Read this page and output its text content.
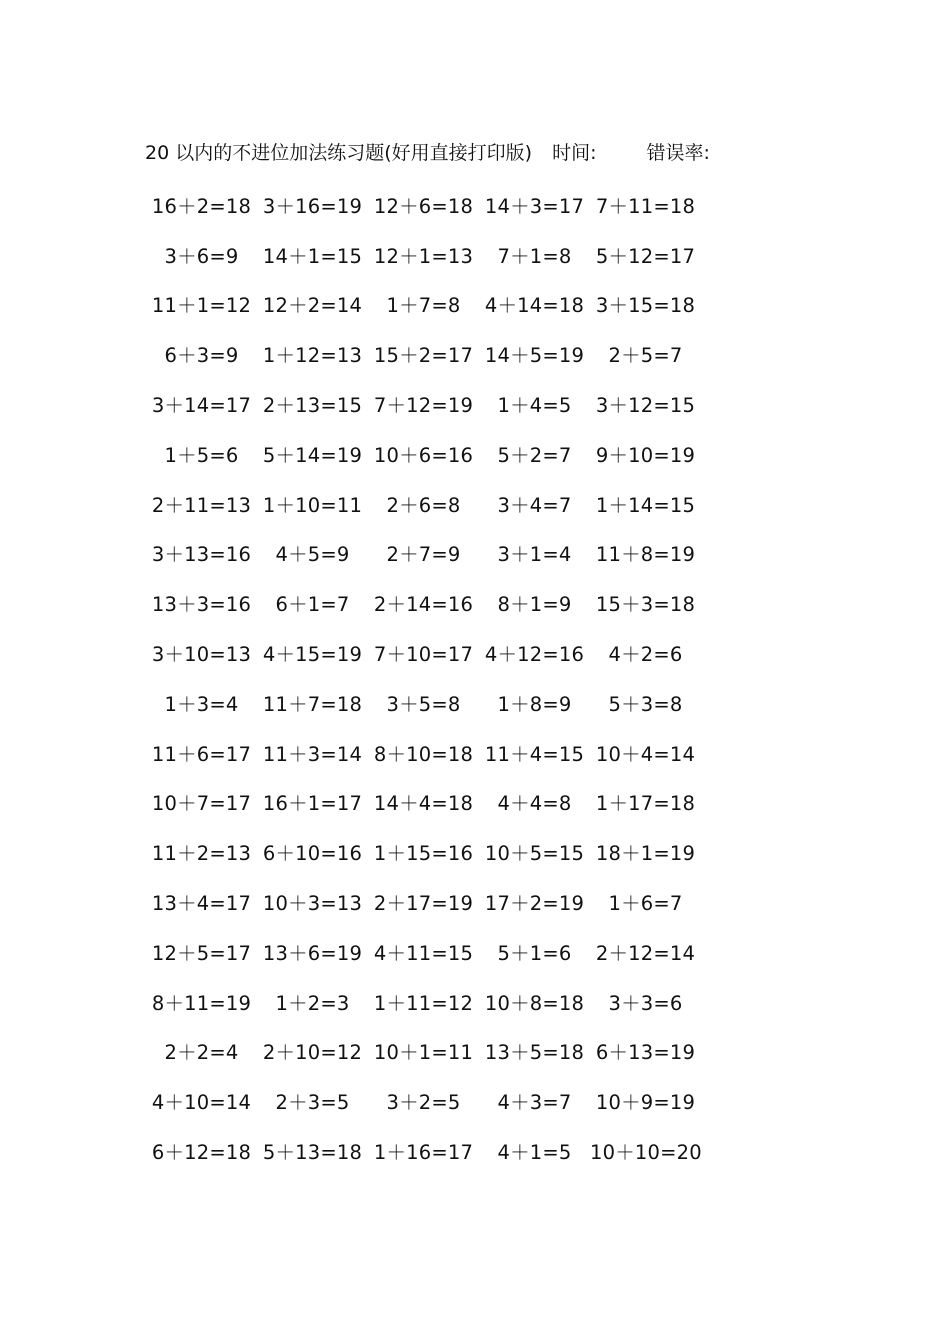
20 以内的不进位加法练习题(好用直接打印版) 时间:	错误率:
16＋2=18 3＋16=19 12＋6=18 14＋3=17 7＋11=18
3＋6=9	14＋1=15 12＋1=13	7＋1=8	5＋12=17
11＋1=12 12＋2=14	1＋7=8	4＋14=18 3＋15=18
6＋3=9	1＋12=13 15＋2=17 14＋5=19	2＋5=7
3＋14=17 2＋13=15 7＋12=19	1＋4=5	3＋12=15
1＋5=6	5＋14=19 10＋6=16	5＋2=7	9＋10=19
2＋11=13 1＋10=11	2＋6=8	3＋4=7	1＋14=15
3＋13=16	4＋5=9	2＋7=9	3＋1=4	11＋8=19
13＋3=16	6＋1=7	2＋14=16	8＋1=9	15＋3=18
3＋10=13 4＋15=19 7＋10=17 4＋12=16	4＋2=6
1＋3=4	11＋7=18	3＋5=8	1＋8=9	5＋3=8
11＋6=17 11＋3=14 8＋10=18 11＋4=15 10＋4=14
10＋7=17 16＋1=17 14＋4=18	4＋4=8	1＋17=18
11＋2=13 6＋10=16 1＋15=16 10＋5=15 18＋1=19
13＋4=17 10＋3=13 2＋17=19 17＋2=19	1＋6=7
12＋5=17 13＋6=19 4＋11=15	5＋1=6	2＋12=14
8＋11=19	1＋2=3	1＋11=12 10＋8=18	3＋3=6
2＋2=4	2＋10=12 10＋1=11 13＋5=18 6＋13=19
4＋10=14	2＋3=5	3＋2=5	4＋3=7	10＋9=19
6＋12=18 5＋13=18 1＋16=17	4＋1=5 10＋10=20
